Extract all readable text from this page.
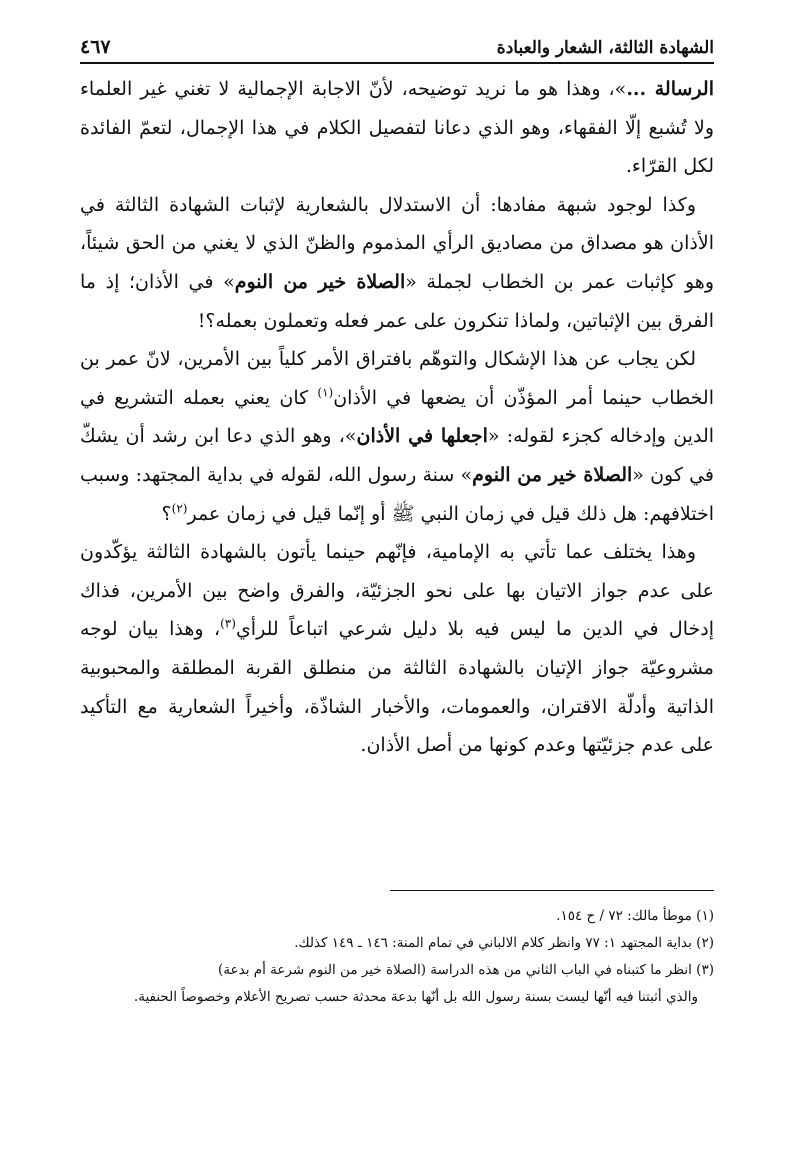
الشهادة الثالثة، الشعار والعبادة
٤٦٧

الرسالة ...»، وهذا هو ما نريد توضيحه، لأنّ الاجابة الإجمالية لا تغني غير العلماء ولا تُشبع إلّا الفقهاء، وهو الذي دعانا لتفصيل الكلام في هذا الإجمال، لتعمّ الفائدة لكل القرّاء.

وكذا لوجود شبهة مفادها: أن الاستدلال بالشعارية لإثبات الشهادة الثالثة في الأذان هو مصداق من مصاديق الرأي المذموم والظنّ الذي لا يغني من الحق شيئاً، وهو كإثبات عمر بن الخطاب لجملة «الصلاة خير من النوم» في الأذان؛ إذ ما الفرق بين الإثباتين، ولماذا تنكرون على عمر فعله وتعملون بعمله؟!

لكن يجاب عن هذا الإشكال والتوهّم بافتراق الأمر كلياً بين الأمرين، لانّ عمر بن الخطاب حينما أمر المؤذّن أن يضعها في الأذان$^{(١)}$ كان يعني بعمله التشريع في الدين وإدخاله كجزء لقوله: «اجعلها في الأذان»، وهو الذي دعا ابن رشد أن يشكّ في كون «الصلاة خير من النوم» سنة رسول الله، لقوله في بداية المجتهد: وسبب اختلافهم: هل ذلك قيل في زمان النبي ﷺ أو إنّما قيل في زمان عمر$^{(٢)}$؟

وهذا يختلف عما تأتي به الإمامية، فإنّهم حينما يأتون بالشهادة الثالثة يؤكّدون على عدم جواز الاتيان بها على نحو الجزئيّة، والفرق واضح بين الأمرين، فذاك إدخال في الدين ما ليس فيه بلا دليل شرعي اتباعاً للرأي$^{(٣)}$، وهذا بيان لوجه مشروعيّة جواز الإتيان بالشهادة الثالثة من منطلق القربة المطلقة والمحبوبية الذاتية وأدلّة الاقتران، والعمومات، والأخبار الشاذّة، وأخيراً الشعارية مع التأكيد على عدم جزئيّتها وعدم كونها من أصل الأذان.

(١) موطأ مالك: ٧٢ / ح ١٥٤.

(٢) بداية المجتهد ١: ٧٧ وانظر كلام الالباني في تمام المنة: ١٤٦ ـ ١٤٩ كذلك.

(٣) انظر ما كتبناه في الباب الثاني من هذه الدراسة (الصلاة خير من النوم شرعة أم بدعة)

والذي أثبتنا فيه أنّها ليست بسنة رسول الله بل أنّها بدعة محدثة حسب تصريح الأعلام وخصوصاً الحنفية.
